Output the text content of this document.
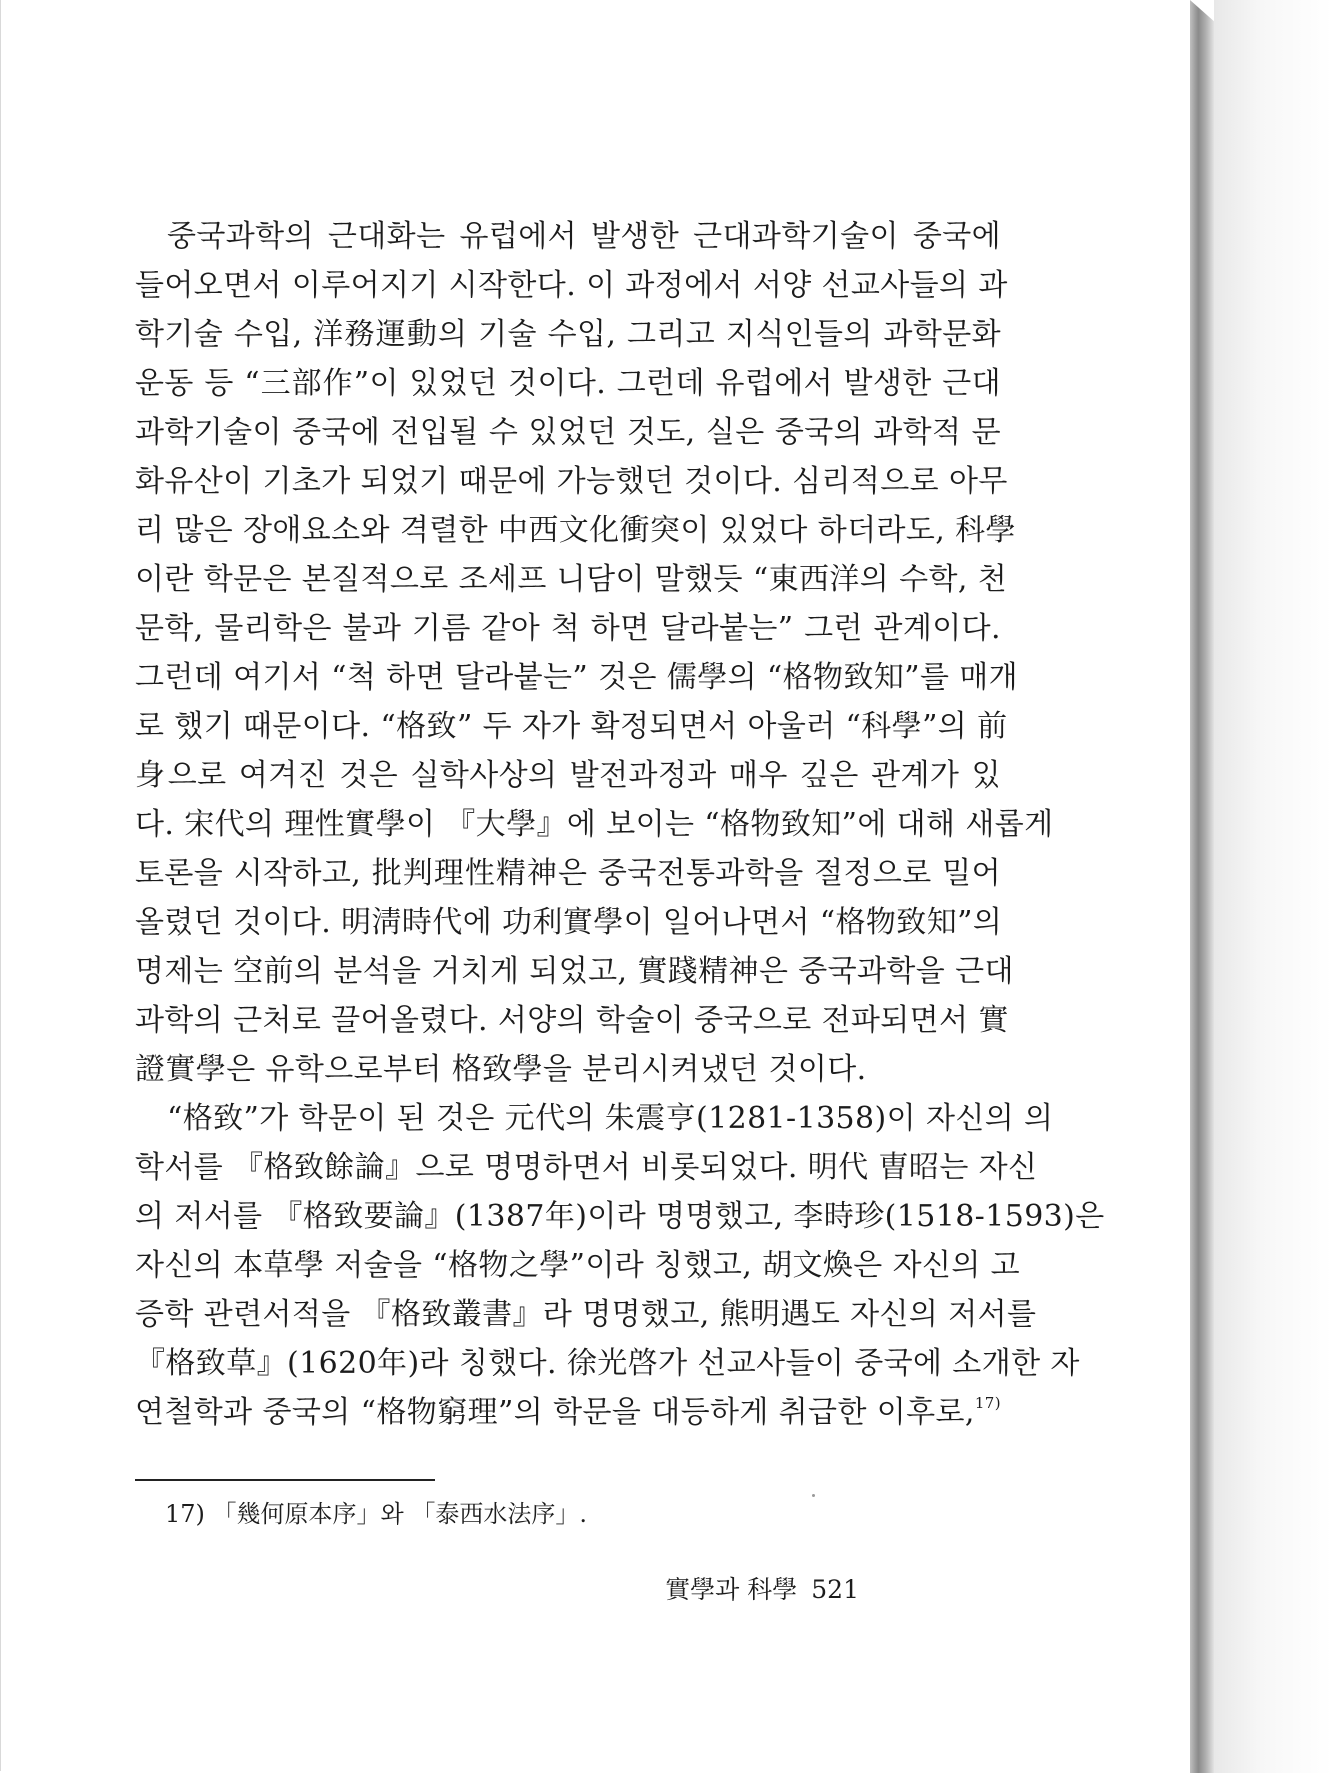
중국과학의 근대화는 유럽에서 발생한 근대과학기술이 중국에
들어오면서 이루어지기 시작한다. 이 과정에서 서양 선교사들의 과
학기술 수입, 洋務運動의 기술 수입, 그리고 지식인들의 과학문화
운동 등 “三部作”이 있었던 것이다. 그런데 유럽에서 발생한 근대
과학기술이 중국에 전입될 수 있었던 것도, 실은 중국의 과학적 문
화유산이 기초가 되었기 때문에 가능했던 것이다. 심리적으로 아무
리 많은 장애요소와 격렬한 中西文化衝突이 있었다 하더라도, 科學
이란 학문은 본질적으로 조세프 니담이 말했듯 “東西洋의 수학, 천
문학, 물리학은 불과 기름 같아 척 하면 달라붙는” 그런 관계이다.
그런데 여기서 “척 하면 달라붙는” 것은 儒學의 “格物致知”를 매개
로 했기 때문이다. “格致” 두 자가 확정되면서 아울러 “科學”의 前
身으로 여겨진 것은 실학사상의 발전과정과 매우 깊은 관계가 있
다. 宋代의 理性實學이 『大學』에 보이는 “格物致知”에 대해 새롭게
토론을 시작하고, 批判理性精神은 중국전통과학을 절정으로 밀어
올렸던 것이다. 明淸時代에 功利實學이 일어나면서 “格物致知”의
명제는 空前의 분석을 거치게 되었고, 實踐精神은 중국과학을 근대
과학의 근처로 끌어올렸다. 서양의 학술이 중국으로 전파되면서 實
證實學은 유학으로부터 格致學을 분리시켜냈던 것이다.
“格致”가 학문이 된 것은 元代의 朱震亨(1281-1358)이 자신의 의
학서를 『格致餘論』으로 명명하면서 비롯되었다. 明代 曺昭는 자신
의 저서를 『格致要論』(1387年)이라 명명했고, 李時珍(1518-1593)은
자신의 本草學 저술을 “格物之學”이라 칭했고, 胡文煥은 자신의 고
증학 관련서적을 『格致叢書』라 명명했고, 熊明遇도 자신의 저서를
『格致草』(1620年)라 칭했다. 徐光啓가 선교사들이 중국에 소개한 자
연철학과 중국의 “格物窮理”의 학문을 대등하게 취급한 이후로,$^{17)}$
17) 「幾何原本序」와 「泰西水法序」.
實學과 科學 521
